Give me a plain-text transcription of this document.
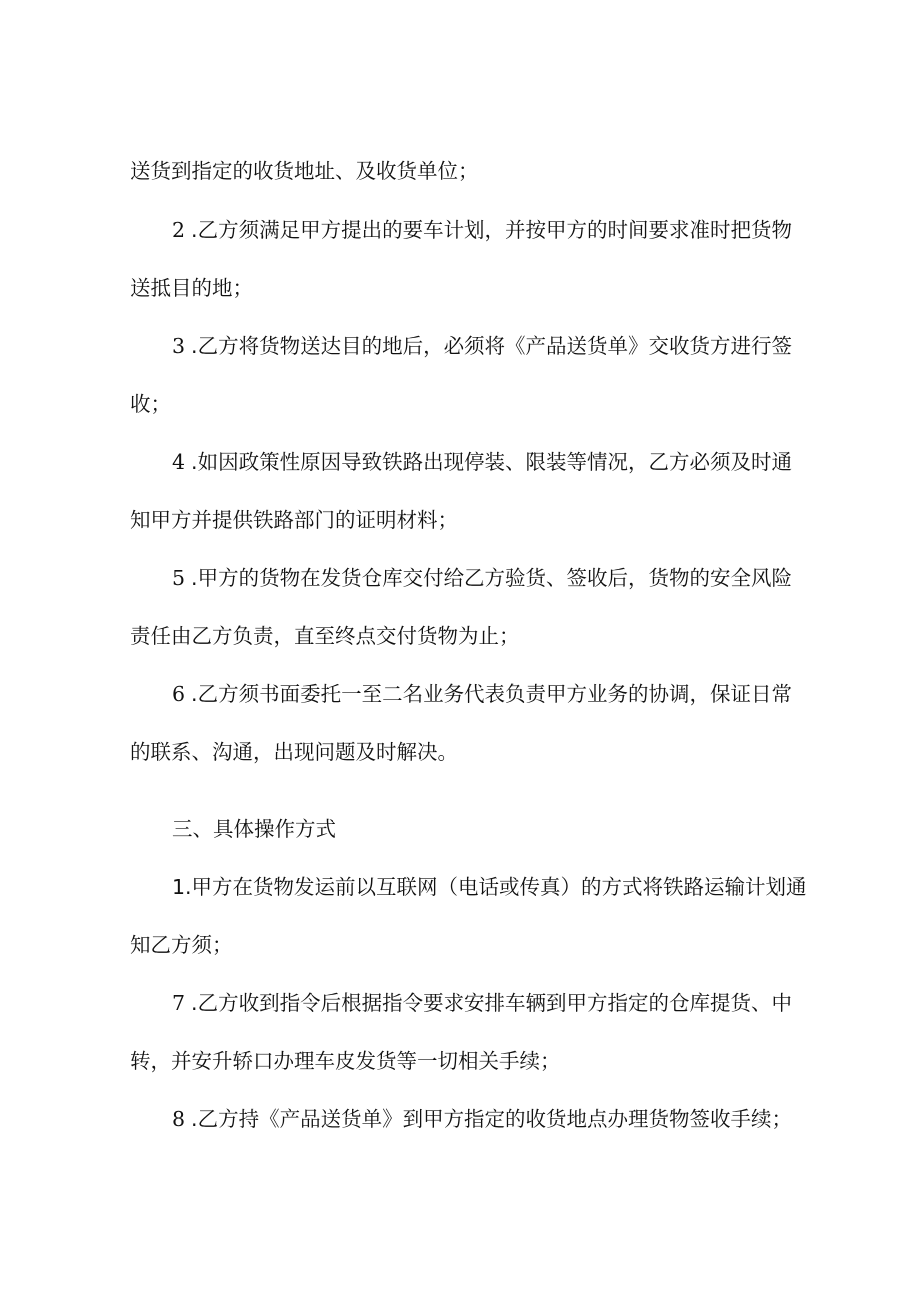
送货到指定的收货地址、及收货单位；
2 .乙方须满足甲方提出的要车计划，并按甲方的时间要求准时把货物
送抵目的地；
3 .乙方将货物送达目的地后，必须将《产品送货单》交收货方进行签
收；
4 .如因政策性原因导致铁路出现停装、限装等情况，乙方必须及时通
知甲方并提供铁路部门的证明材料；
5 .甲方的货物在发货仓库交付给乙方验货、签收后，货物的安全风险
责任由乙方负责，直至终点交付货物为止；
6 .乙方须书面委托一至二名业务代表负责甲方业务的协调，保证日常
的联系、沟通，出现问题及时解决。
三、具体操作方式
1.甲方在货物发运前以互联网（电话或传真）的方式将铁路运输计划通
知乙方须；
7 .乙方收到指令后根据指令要求安排车辆到甲方指定的仓库提货、中
转，并安升轿口办理车皮发货等一切相关手续；
8 .乙方持《产品送货单》到甲方指定的收货地点办理货物签收手续；
